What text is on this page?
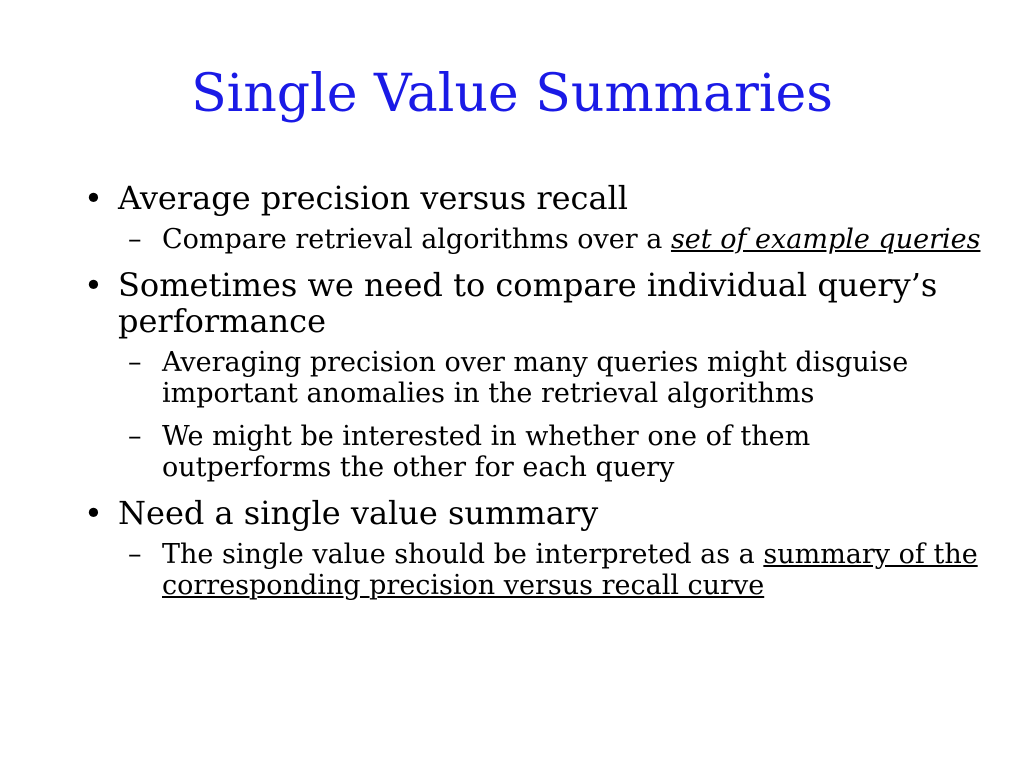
Single Value Summaries
• Average precision versus recall
– Compare retrieval algorithms over a set of example queries
• Sometimes we need to compare individual query’s performance
– Averaging precision over many queries might disguise important anomalies in the retrieval algorithms
– We might be interested in whether one of them outperforms the other for each query
• Need a single value summary
– The single value should be interpreted as a summary of the corresponding precision versus recall curve
